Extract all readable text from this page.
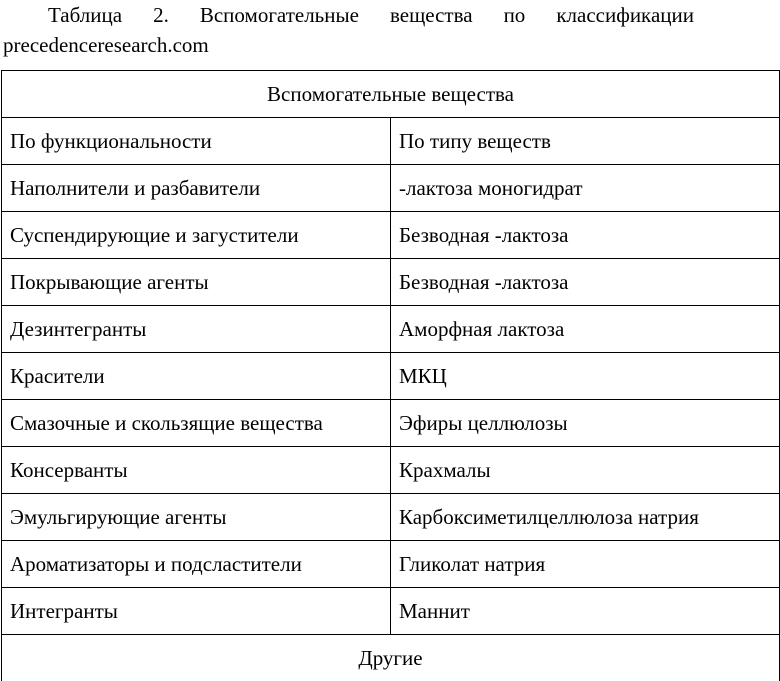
Таблица 2. Вспомогательные вещества по классификации
precedenceresearch.com
Вспомогательные вещества	
По функциональности	По типу веществ
Наполнители и разбавители	-лактоза моногидрат
Суспендирующие и загустители	Безводная -лактоза
Покрывающие агенты	Безводная -лактоза
Дезинтегранты	Аморфная лактоза
Красители	МКЦ
Смазочные и скользящие вещества	Эфиры целлюлозы
Консерванты	Крахмалы
Эмульгирующие агенты	Карбоксиметилцеллюлоза натрия
Ароматизаторы и подсластители	Гликолат натрия
Интегранты	Маннит
Другие	
